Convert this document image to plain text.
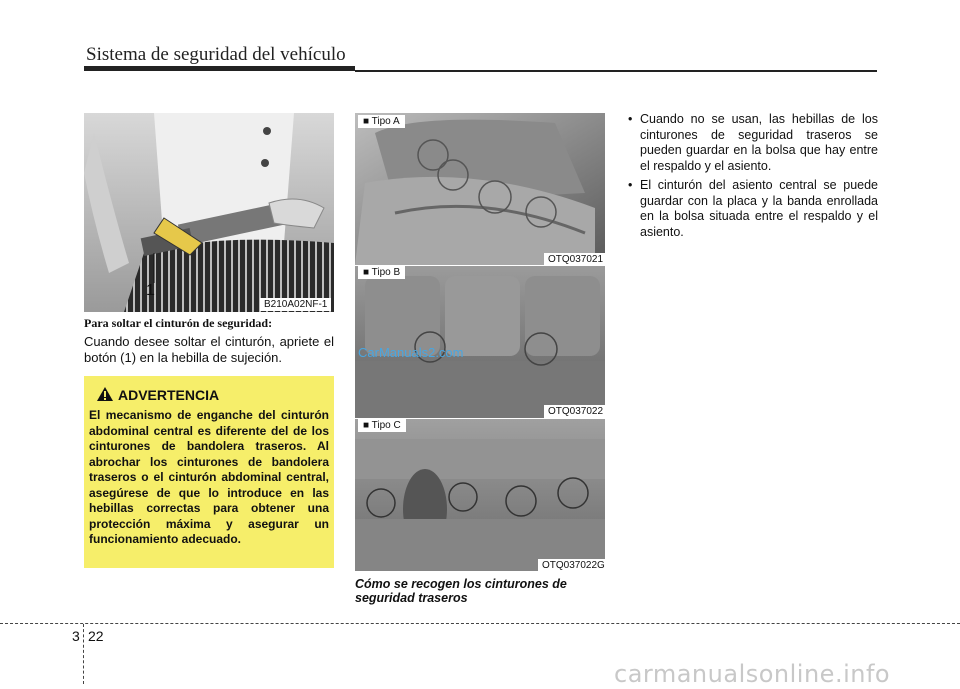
Sistema de seguridad del vehículo
1
B210A02NF-1
■ Tipo A
OTQ037021
■ Tipo B
OTQ037022
■ Tipo C
OTQ037022G
Para soltar el cinturón de seguridad:
Cuando desee soltar el cinturón, apriete el botón (1) en la hebilla de sujeción.
ADVERTENCIA
El mecanismo de enganche del cinturón abdominal central es diferente del de los cinturones de bandolera traseros. Al abrochar los cinturones de bandolera traseros o el cinturón abdominal central, asegúrese de que lo introduce en las hebillas correctas para obtener una protección máxima y asegurar un funcionamiento adecuado.
Cómo se recogen los cinturones de seguridad traseros
• Cuando no se usan, las hebillas de los cinturones de seguridad traseros se pueden guardar en la bolsa que hay entre el respaldo y el asiento.
• El cinturón del asiento central se puede guardar con la placa y la banda enrollada en la bolsa situada entre el respaldo y el asiento.
CarManuals2.com
3 22
carmanualsonline.info
